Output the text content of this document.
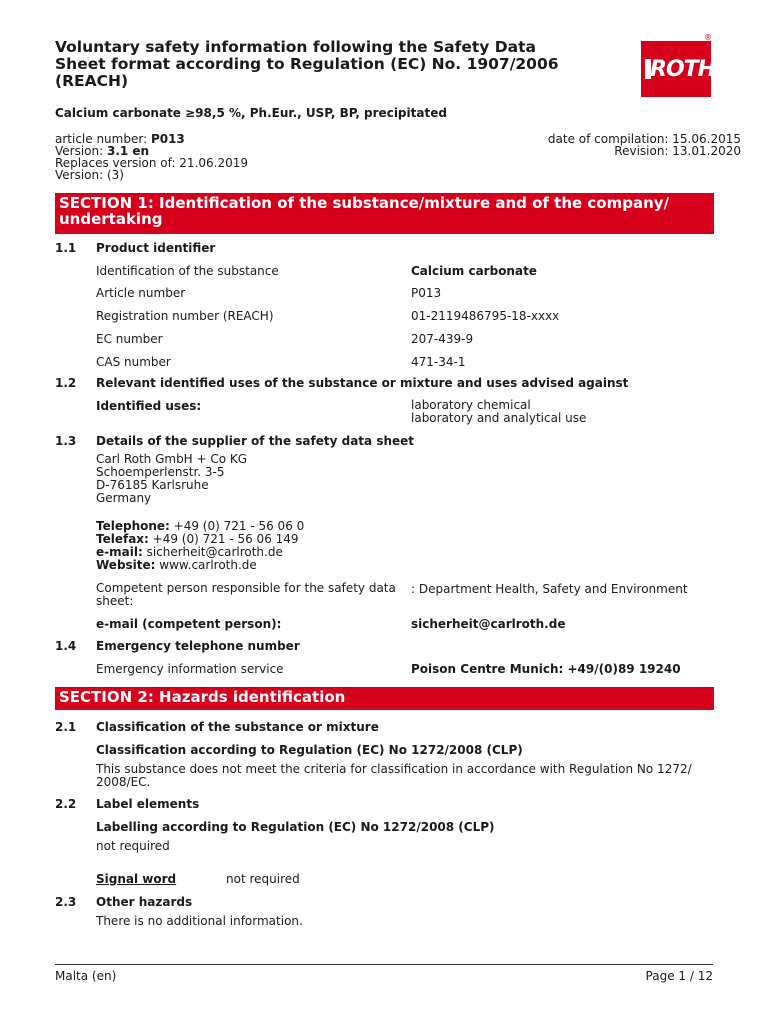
Voluntary safety information following the Safety Data
Sheet format according to Regulation (EC) No. 1907/2006
(REACH)
®
ROTH
Calcium carbonate ≥98,5 %, Ph.Eur., USP, BP, precipitated
article number: P013
Version: 3.1 en
Replaces version of: 21.06.2019
Version: (3)
date of compilation: 15.06.2015
Revision: 13.01.2020
SECTION 1: Identification of the substance/mixture and of the company/ undertaking
1.1 Product identifier
Identification of the substance	Calcium carbonate
Article number	P013
Registration number (REACH)	01-2119486795-18-xxxx
EC number	207-439-9
CAS number	471-34-1
1.2 Relevant identified uses of the substance or mixture and uses advised against
Identified uses:	laboratory chemical
laboratory and analytical use
1.3 Details of the supplier of the safety data sheet
Carl Roth GmbH + Co KG
Schoemperlenstr. 3-5
D-76185 Karlsruhe
Germany
Telephone: +49 (0) 721 - 56 06 0
Telefax: +49 (0) 721 - 56 06 149
e-mail: sicherheit@carlroth.de
Website: www.carlroth.de
Competent person responsible for the safety data sheet:
: Department Health, Safety and Environment
e-mail (competent person):	sicherheit@carlroth.de
1.4 Emergency telephone number
Emergency information service	Poison Centre Munich: +49/(0)89 19240
SECTION 2: Hazards identification
2.1 Classification of the substance or mixture
Classification according to Regulation (EC) No 1272/2008 (CLP)
This substance does not meet the criteria for classification in accordance with Regulation No 1272/ 2008/EC.
2.2 Label elements
Labelling according to Regulation (EC) No 1272/2008 (CLP)
not required
Signal word	not required
2.3 Other hazards
There is no additional information.
Malta (en)	Page 1 / 12
